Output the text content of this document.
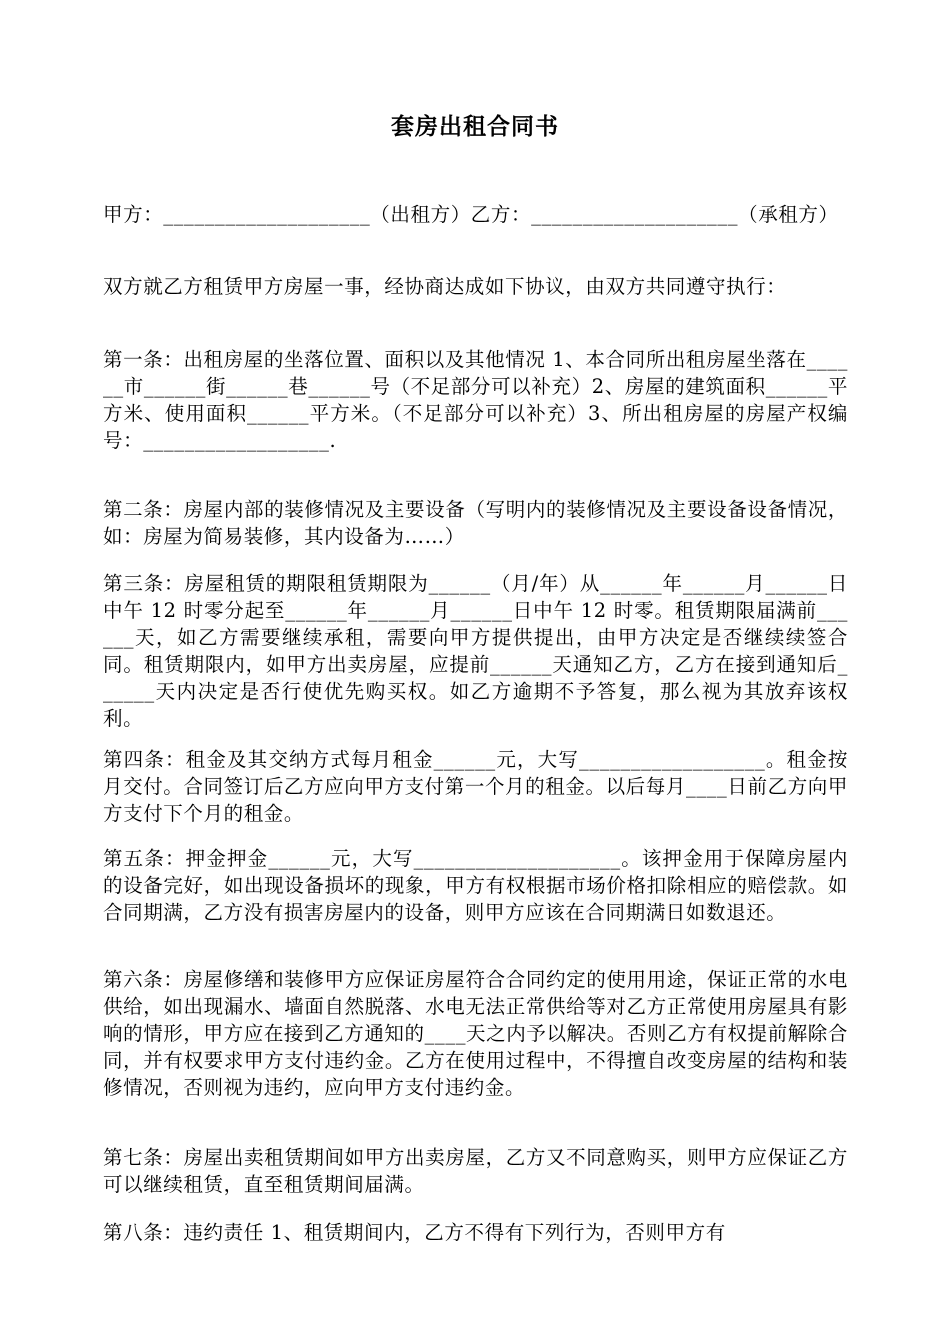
套房出租合同书
甲方：____________________（出租方）乙方：____________________（承租方）
双方就乙方租赁甲方房屋一事，经协商达成如下协议，由双方共同遵守执行：
第一条：出租房屋的坐落位置、面积以及其他情况 1、本合同所出租房屋坐落在______市______街______巷______号（不足部分可以补充）2、房屋的建筑面积______平方米、使用面积______平方米。（不足部分可以补充）3、所出租房屋的房屋产权编号：__________________.
第二条：房屋内部的装修情况及主要设备（写明内的装修情况及主要设备设备情况，如：房屋为简易装修，其内设备为……）
第三条：房屋租赁的期限租赁期限为______（月/年）从______年______月______日中午 12 时零分起至______年______月______日中午 12 时零。租赁期限届满前______天，如乙方需要继续承租，需要向甲方提供提出，由甲方决定是否继续续签合同。租赁期限内，如甲方出卖房屋，应提前______天通知乙方，乙方在接到通知后______天内决定是否行使优先购买权。如乙方逾期不予答复，那么视为其放弃该权利。
第四条：租金及其交纳方式每月租金______元，大写__________________。租金按月交付。合同签订后乙方应向甲方支付第一个月的租金。以后每月____日前乙方向甲方支付下个月的租金。
第五条：押金押金______元，大写____________________。该押金用于保障房屋内的设备完好，如出现设备损坏的现象，甲方有权根据市场价格扣除相应的赔偿款。如合同期满，乙方没有损害房屋内的设备，则甲方应该在合同期满日如数退还。
第六条：房屋修缮和装修甲方应保证房屋符合合同约定的使用用途，保证正常的水电供给，如出现漏水、墙面自然脱落、水电无法正常供给等对乙方正常使用房屋具有影响的情形，甲方应在接到乙方通知的____天之内予以解决。否则乙方有权提前解除合同，并有权要求甲方支付违约金。乙方在使用过程中，不得擅自改变房屋的结构和装修情况，否则视为违约，应向甲方支付违约金。
第七条：房屋出卖租赁期间如甲方出卖房屋，乙方又不同意购买，则甲方应保证乙方可以继续租赁，直至租赁期间届满。
第八条：违约责任 1、租赁期间内，乙方不得有下列行为，否则甲方有
